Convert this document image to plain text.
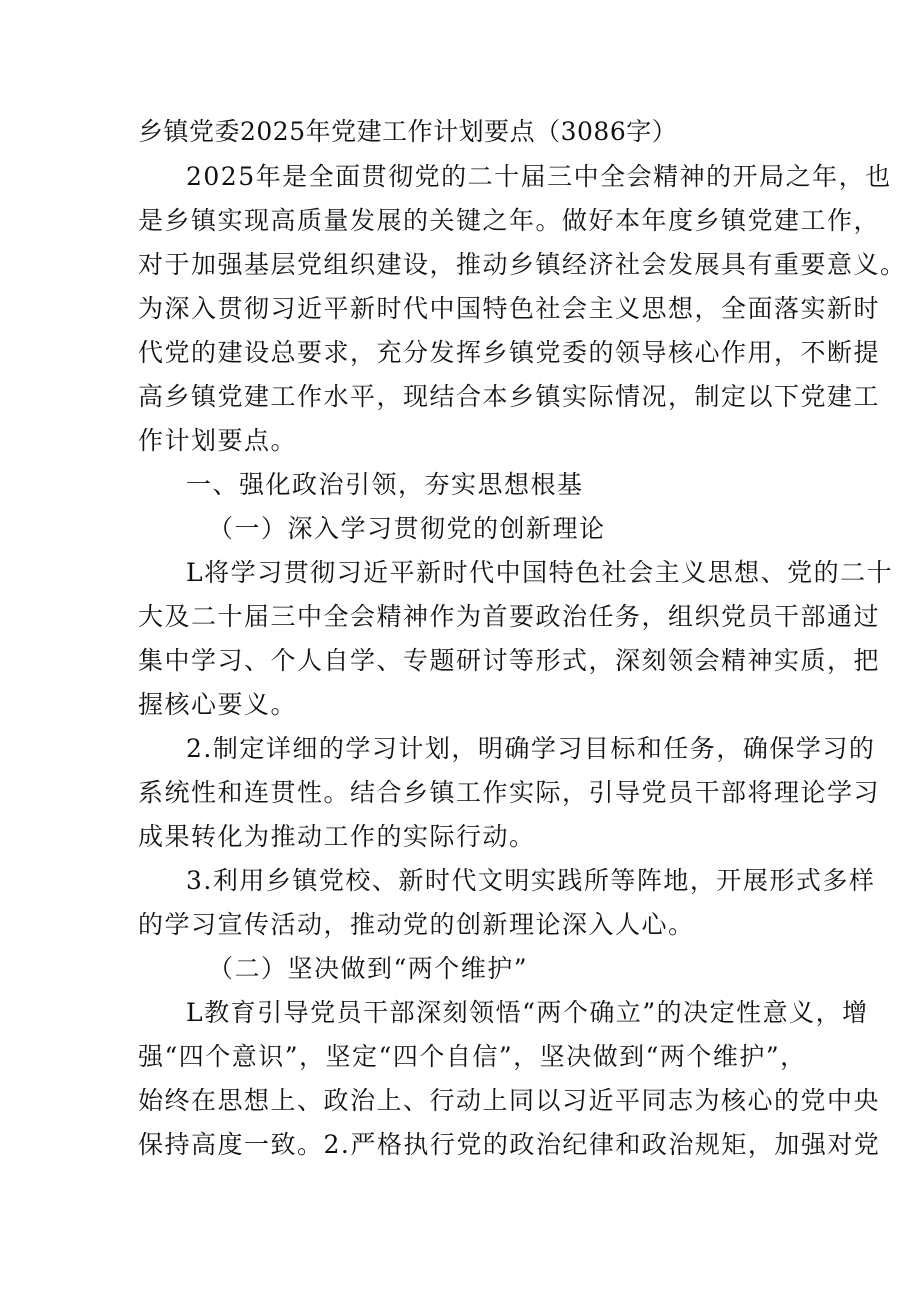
乡镇党委2025年党建工作计划要点（3086字）
2025年是全面贯彻党的二十届三中全会精神的开局之年，也
是乡镇实现高质量发展的关键之年。做好本年度乡镇党建工作，
对于加强基层党组织建设，推动乡镇经济社会发展具有重要意义。
为深入贯彻习近平新时代中国特色社会主义思想，全面落实新时
代党的建设总要求，充分发挥乡镇党委的领导核心作用，不断提
高乡镇党建工作水平，现结合本乡镇实际情况，制定以下党建工
作计划要点。
一、强化政治引领，夯实思想根基
（一）深入学习贯彻党的创新理论
L将学习贯彻习近平新时代中国特色社会主义思想、党的二十
大及二十届三中全会精神作为首要政治任务，组织党员干部通过
集中学习、个人自学、专题研讨等形式，深刻领会精神实质，把
握核心要义。
2.制定详细的学习计划，明确学习目标和任务，确保学习的
系统性和连贯性。结合乡镇工作实际，引导党员干部将理论学习
成果转化为推动工作的实际行动。
3.利用乡镇党校、新时代文明实践所等阵地，开展形式多样
的学习宣传活动，推动党的创新理论深入人心。
（二）坚决做到“两个维护”
L教育引导党员干部深刻领悟“两个确立”的决定性意义，增
强“四个意识”，坚定“四个自信”，坚决做到“两个维护”，
始终在思想上、政治上、行动上同以习近平同志为核心的党中央
保持高度一致。2.严格执行党的政治纪律和政治规矩，加强对党
